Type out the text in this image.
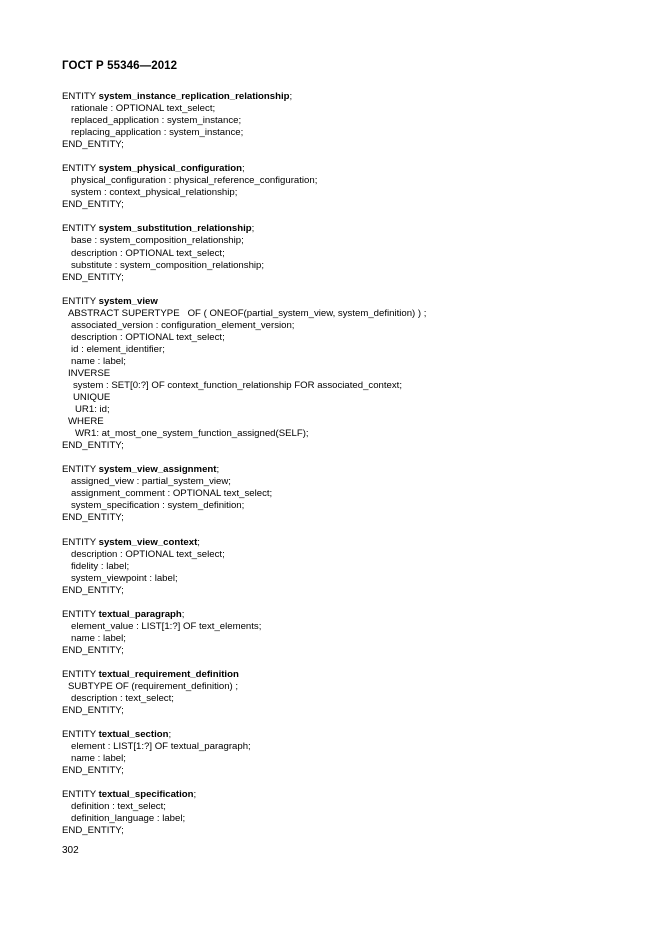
ГОСТ Р 55346—2012
ENTITY system_instance_replication_relationship;
rationale : OPTIONAL text_select;
replaced_application : system_instance;
replacing_application : system_instance;
END_ENTITY;
ENTITY system_physical_configuration;
physical_configuration : physical_reference_configuration;
system : context_physical_relationship;
END_ENTITY;
ENTITY system_substitution_relationship;
base : system_composition_relationship;
description : OPTIONAL text_select;
substitute : system_composition_relationship;
END_ENTITY;
ENTITY system_view
ABSTRACT SUPERTYPE   OF ( ONEOF(partial_system_view, system_definition) ) ;
associated_version : configuration_element_version;
description : OPTIONAL text_select;
id : element_identifier;
name : label;
INVERSE
system : SET[0:?] OF context_function_relationship FOR associated_context;
UNIQUE
UR1: id;
WHERE
WR1: at_most_one_system_function_assigned(SELF);
END_ENTITY;
ENTITY system_view_assignment;
assigned_view : partial_system_view;
assignment_comment : OPTIONAL text_select;
system_specification : system_definition;
END_ENTITY;
ENTITY system_view_context;
description : OPTIONAL text_select;
fidelity : label;
system_viewpoint : label;
END_ENTITY;
ENTITY textual_paragraph;
element_value : LIST[1:?] OF text_elements;
name : label;
END_ENTITY;
ENTITY textual_requirement_definition
SUBTYPE OF (requirement_definition) ;
description : text_select;
END_ENTITY;
ENTITY textual_section;
element : LIST[1:?] OF textual_paragraph;
name : label;
END_ENTITY;
ENTITY textual_specification;
definition : text_select;
definition_language : label;
END_ENTITY;
302
